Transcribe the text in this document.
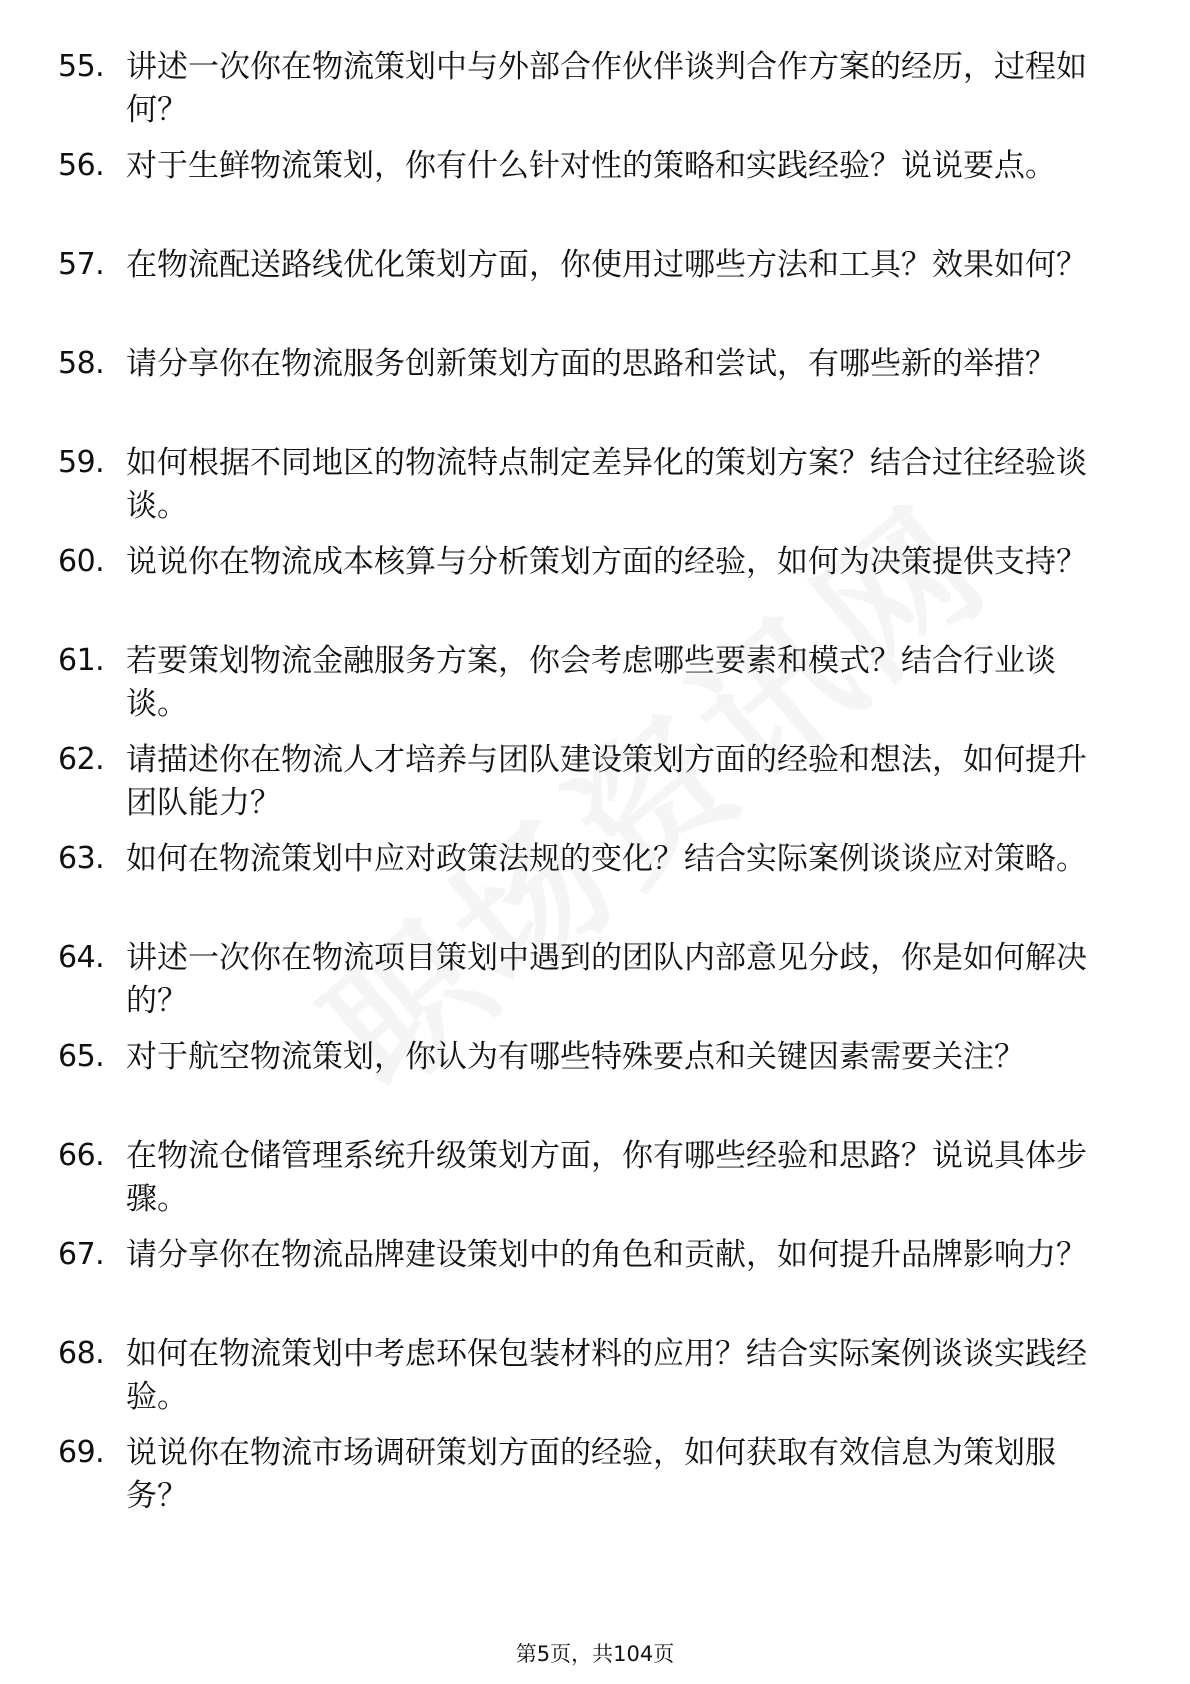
55. 讲述一次你在物流策划中与外部合作伙伴谈判合作方案的经历，过程如何？
56. 对于生鲜物流策划，你有什么针对性的策略和实践经验？说说要点。
57. 在物流配送路线优化策划方面，你使用过哪些方法和工具？效果如何？
58. 请分享你在物流服务创新策划方面的思路和尝试，有哪些新的举措？
59. 如何根据不同地区的物流特点制定差异化的策划方案？结合过往经验谈谈。
60. 说说你在物流成本核算与分析策划方面的经验，如何为决策提供支持？
61. 若要策划物流金融服务方案，你会考虑哪些要素和模式？结合行业谈谈。
62. 请描述你在物流人才培养与团队建设策划方面的经验和想法，如何提升团队能力？
63. 如何在物流策划中应对政策法规的变化？结合实际案例谈谈应对策略。
64. 讲述一次你在物流项目策划中遇到的团队内部意见分歧，你是如何解决的？
65. 对于航空物流策划，你认为有哪些特殊要点和关键因素需要关注？
66. 在物流仓储管理系统升级策划方面，你有哪些经验和思路？说说具体步骤。
67. 请分享你在物流品牌建设策划中的角色和贡献，如何提升品牌影响力？
68. 如何在物流策划中考虑环保包装材料的应用？结合实际案例谈谈实践经验。
69. 说说你在物流市场调研策划方面的经验，如何获取有效信息为策划服务？
第5页，共104页
